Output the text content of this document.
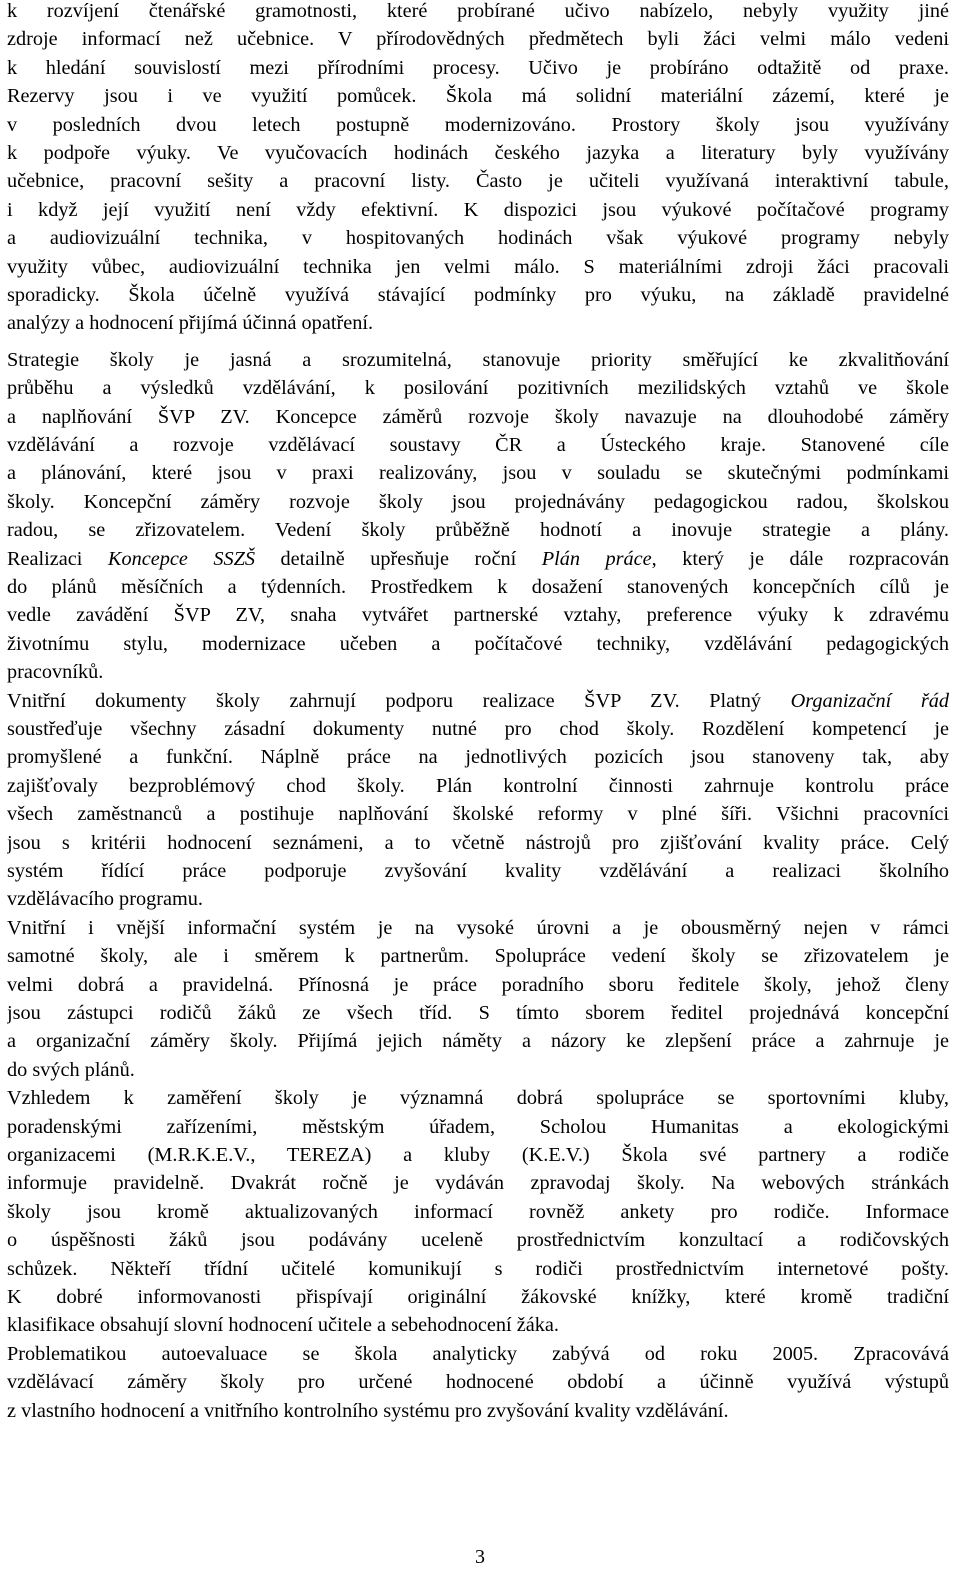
k rozvíjení čtenářské gramotnosti, které probírané učivo nabízelo, nebyly využity jiné
zdroje informací než učebnice. V přírodovědných předmětech byli žáci velmi málo vedeni
k hledání souvislostí mezi přírodními procesy. Učivo je probíráno odtažitě od praxe.
Rezervy jsou i ve využití pomůcek. Škola má solidní materiální zázemí, které je
v posledních dvou letech postupně modernizováno. Prostory školy jsou využívány
k podpoře výuky. Ve vyučovacích hodinách českého jazyka a literatury byly využívány
učebnice, pracovní sešity a pracovní listy. Často je učiteli využívaná interaktivní tabule,
i když její využití není vždy efektivní. K dispozici jsou výukové počítačové programy
a audiovizuální technika, v hospitovaných hodinách však výukové programy nebyly
využity vůbec, audiovizuální technika jen velmi málo. S materiálními zdroji žáci pracovali
sporadicky. Škola účelně využívá stávající podmínky pro výuku, na základě pravidelné
analýzy a hodnocení přijímá účinná opatření.
Strategie školy je jasná a srozumitelná, stanovuje priority směřující ke zkvalitňování
průběhu a výsledků vzdělávání, k posilování pozitivních mezilidských vztahů ve škole
a naplňování ŠVP ZV. Koncepce záměrů rozvoje školy navazuje na dlouhodobé záměry
vzdělávání a rozvoje vzdělávací soustavy ČR a Ústeckého kraje. Stanovené cíle
a plánování, které jsou v praxi realizovány, jsou v souladu se skutečnými podmínkami
školy. Koncepční záměry rozvoje školy jsou projednávány pedagogickou radou, školskou
radou, se zřizovatelem. Vedení školy průběžně hodnotí a inovuje strategie a plány.
Realizaci Koncepce SSZŠ detailně upřesňuje roční Plán práce, který je dále rozpracován
do plánů měsíčních a týdenních. Prostředkem k dosažení stanovených koncepčních cílů je
vedle zavádění ŠVP ZV, snaha vytvářet partnerské vztahy, preference výuky k zdravému
životnímu stylu, modernizace učeben a počítačové techniky, vzdělávání pedagogických
pracovníků.
Vnitřní dokumenty školy zahrnují podporu realizace ŠVP ZV. Platný Organizační řád
soustřeďuje všechny zásadní dokumenty nutné pro chod školy. Rozdělení kompetencí je
promyšlené a funkční. Náplně práce na jednotlivých pozicích jsou stanoveny tak, aby
zajišťovaly bezproblémový chod školy. Plán kontrolní činnosti zahrnuje kontrolu práce
všech zaměstnanců a postihuje naplňování školské reformy v plné šíři. Všichni pracovníci
jsou s kritérii hodnocení seznámeni, a to včetně nástrojů pro zjišťování kvality práce. Celý
systém řídící práce podporuje zvyšování kvality vzdělávání a realizaci školního
vzdělávacího programu.
Vnitřní i vnější informační systém je na vysoké úrovni a je obousměrný nejen v rámci
samotné školy, ale i směrem k partnerům. Spolupráce vedení školy se zřizovatelem je
velmi dobrá a pravidelná. Přínosná je práce poradního sboru ředitele školy, jehož členy
jsou zástupci rodičů žáků ze všech tříd. S tímto sborem ředitel projednává koncepční
a organizační záměry školy. Přijímá jejich náměty a názory ke zlepšení práce a zahrnuje je
do svých plánů.
Vzhledem k zaměření školy je významná dobrá spolupráce se sportovními kluby,
poradenskými zařízeními, městským úřadem, Scholou Humanitas a ekologickými
organizacemi (M.R.K.E.V., TEREZA) a kluby (K.E.V.) Škola své partnery a rodiče
informuje pravidelně. Dvakrát ročně je vydáván zpravodaj školy. Na webových stránkách
školy jsou kromě aktualizovaných informací rovněž ankety pro rodiče. Informace
o úspěšnosti žáků jsou podávány uceleně prostřednictvím konzultací a rodičovských
schůzek. Někteří třídní učitelé komunikují s rodiči prostřednictvím internetové pošty.
K dobré informovanosti přispívají originální žákovské knížky, které kromě tradiční
klasifikace obsahují slovní hodnocení učitele a sebehodnocení žáka.
Problematikou autoevaluace se škola analyticky zabývá od roku 2005. Zpracovává
vzdělávací záměry školy pro určené hodnocené období a účinně využívá výstupů
z vlastního hodnocení a vnitřního kontrolního systému pro zvyšování kvality vzdělávání.
3
